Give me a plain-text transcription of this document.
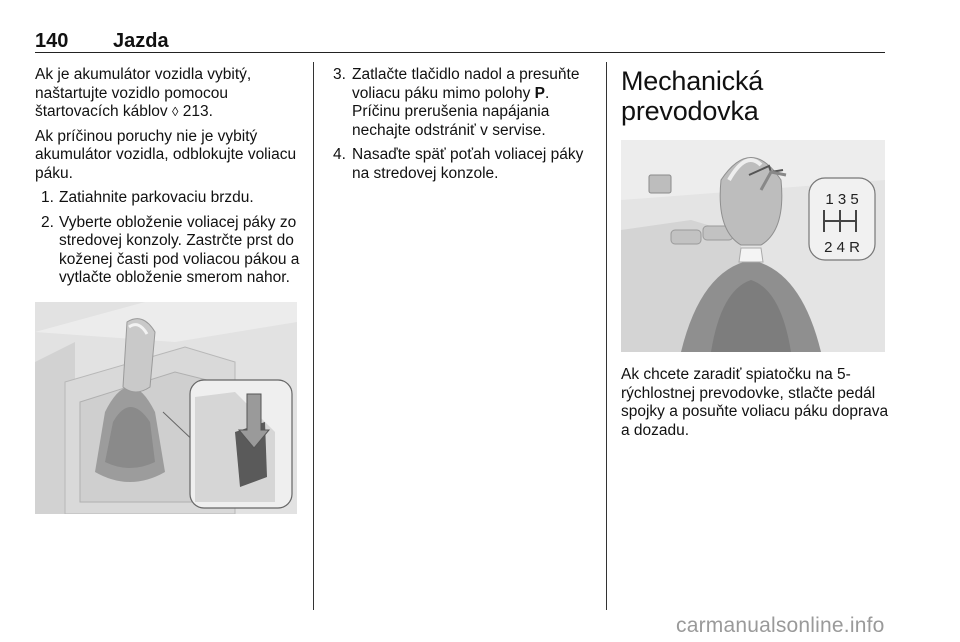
140 Jazda

Ak je akumulátor vozidla vybitý, naštartujte vozidlo pomocou štartovacích káblov ◊ 213.

Ak príčinou poruchy nie je vybitý akumulátor vozidla, odblokujte voliacu páku.

1. Zatiahnite parkovaciu brzdu.
2. Vyberte obloženie voliacej páky zo stredovej konzoly. Zastrčte prst do koženej časti pod voliacou pákou a vytlačte obloženie smerom nahor.
3. Zatlačte tlačidlo nadol a presuňte voliacu páku mimo polohy P. Príčinu prerušenia napájania nechajte odstrániť v servise.
4. Nasaďte späť poťah voliacej páky na stredovej konzole.
Mechanická
prevodovka
1 3 5
2 4 R
Ak chcete zaradiť spiatočku na 5-rýchlostnej prevodovke, stlačte pedál spojky a posuňte voliacu páku doprava a dozadu.
carmanualsonline.info
